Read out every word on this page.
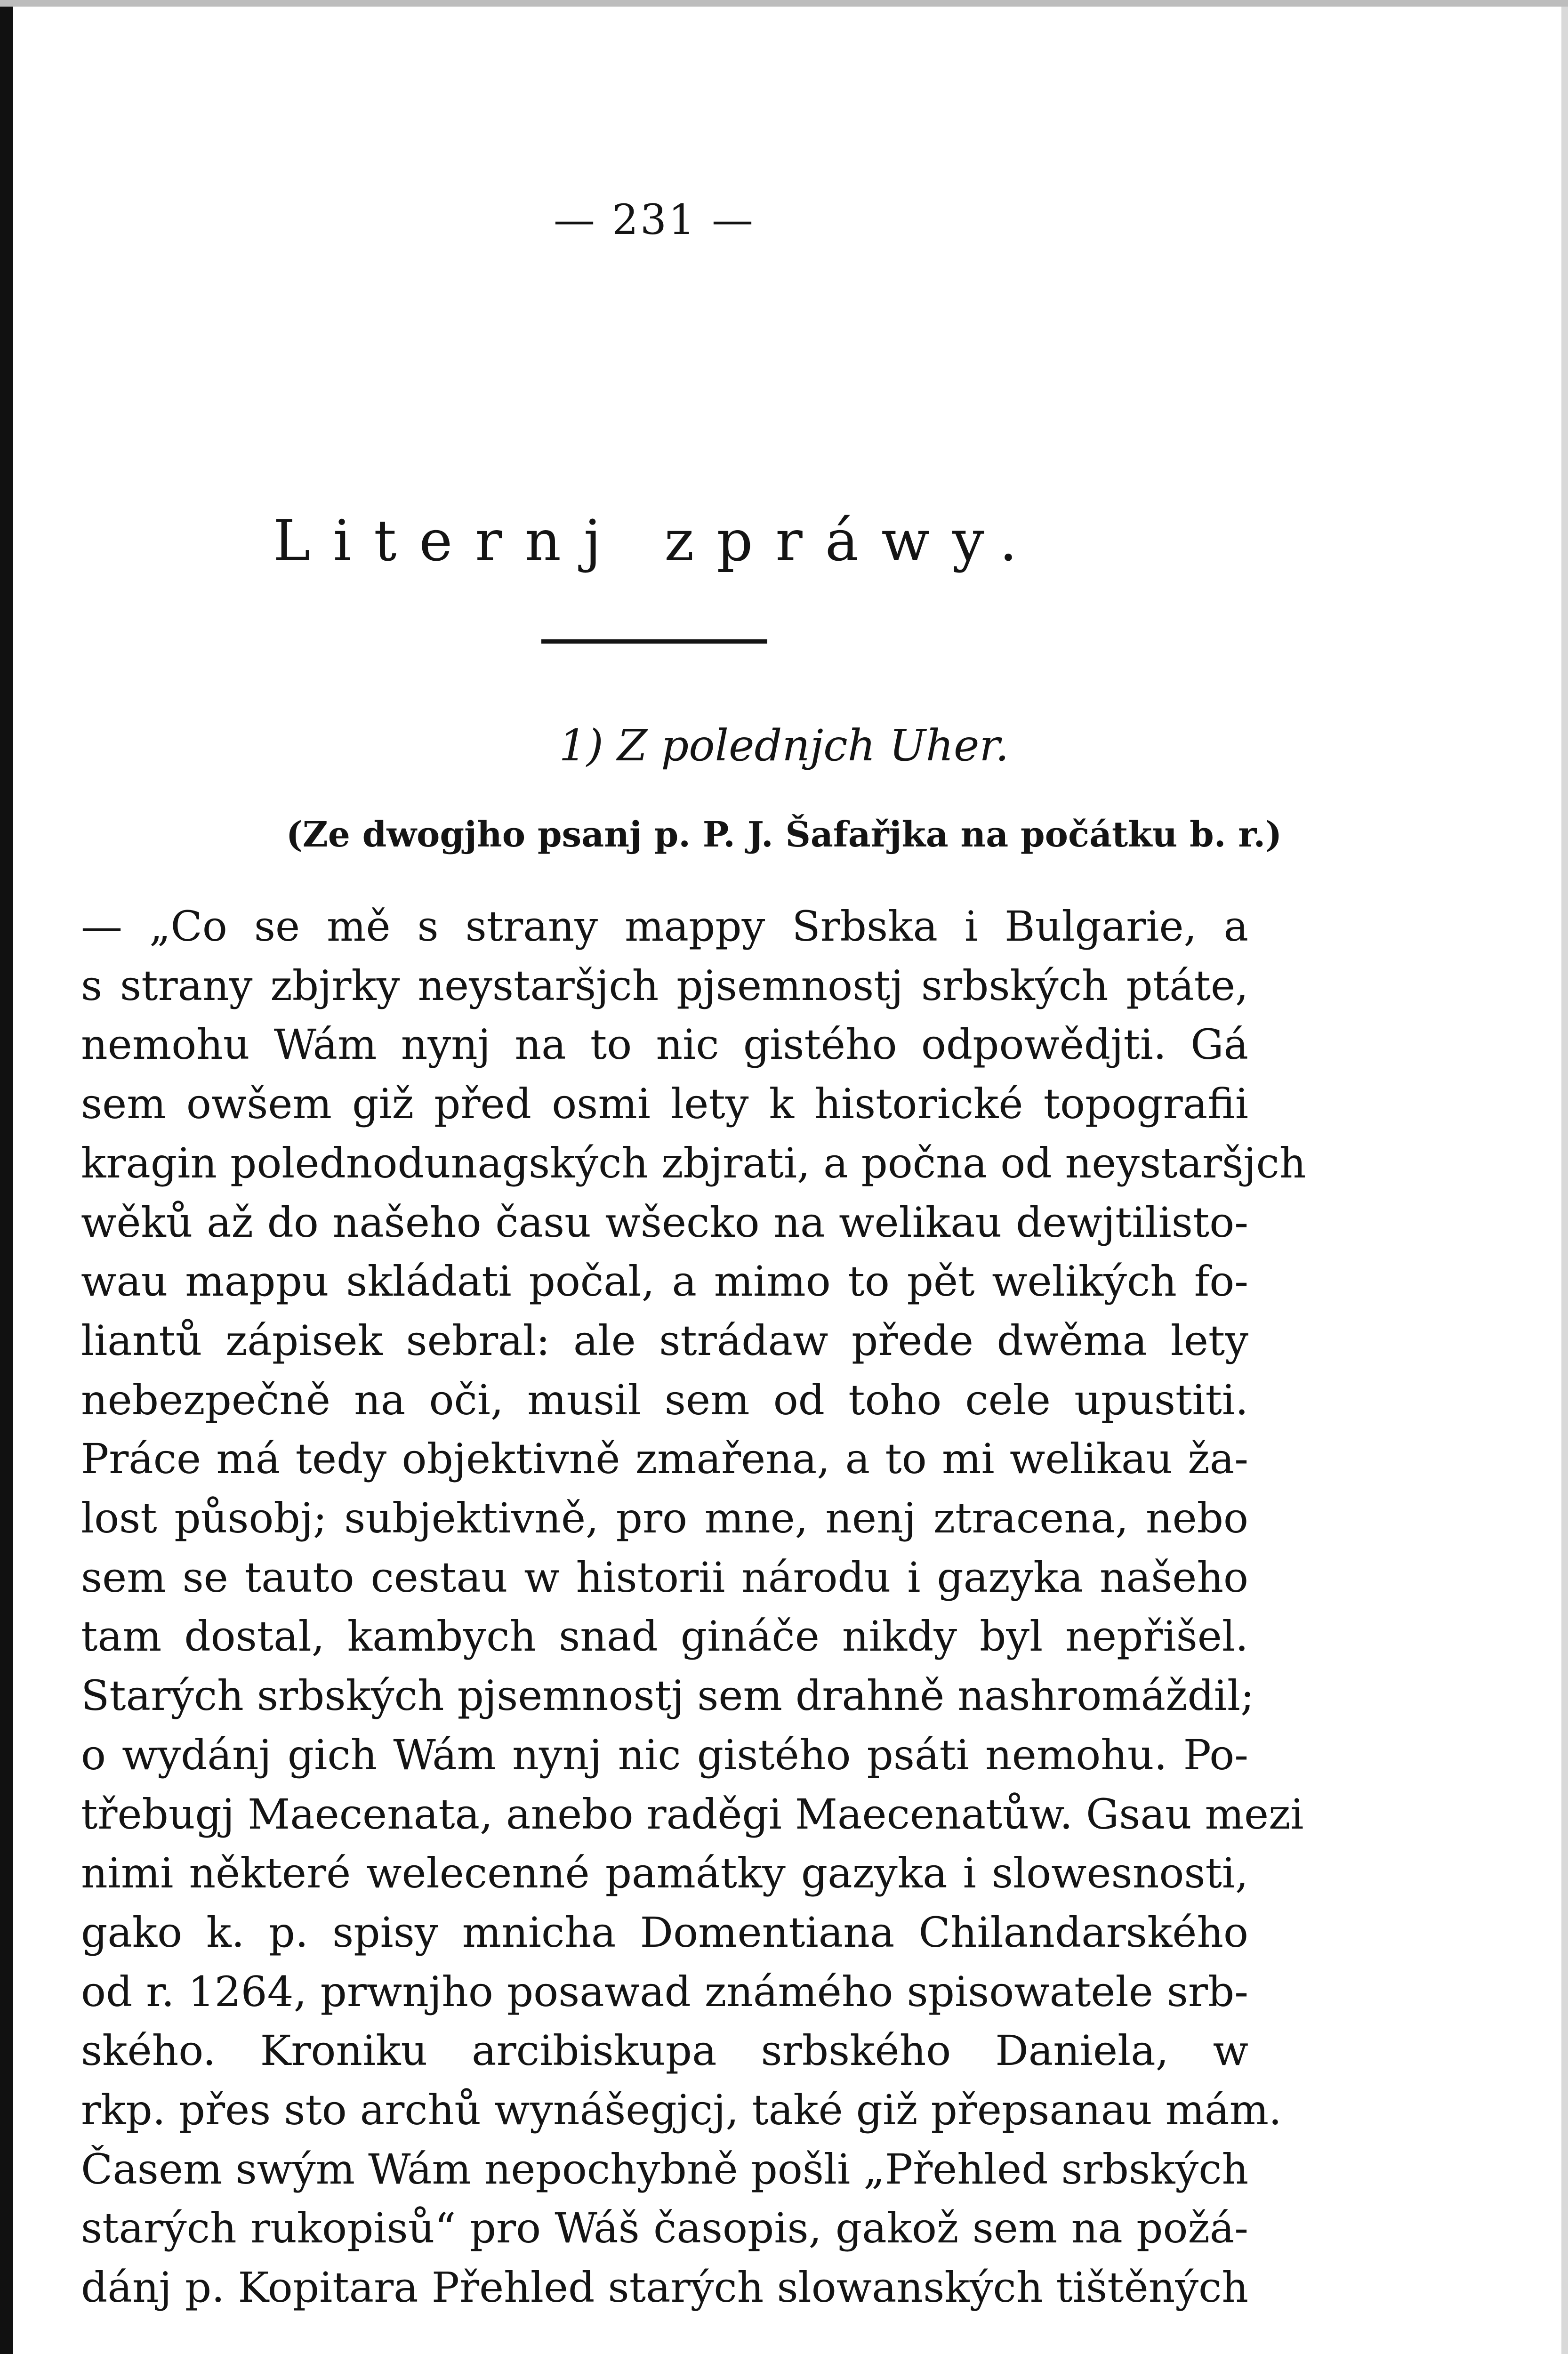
— 231 —
Liternj zpráwy.
1) Z polednjch Uher.
(Ze dwogjho psanj p. P. J. Šafařjka na počátku b. r.)
— „Co se mě s strany mappy Srbska i Bulgarie, a
s strany zbjrky neystaršjch pjsemnostj srbských ptáte,
nemohu Wám nynj na to nic gistého odpowědjti. Gá
sem owšem giž před osmi lety k historické topografii
kragin polednodunagských zbjrati, a počna od neystaršjch
wěků až do našeho času wšecko na welikau dewjtilisto-
wau mappu skládati počal, a mimo to pět welikých fo-
liantů zápisek sebral: ale strádaw přede dwěma lety
nebezpečně na oči, musil sem od toho cele upustiti.
Práce má tedy objektivně zmařena, a to mi welikau ža-
lost působj; subjektivně, pro mne, nenj ztracena, nebo
sem se tauto cestau w historii národu i gazyka našeho
tam dostal, kambych snad gináče nikdy byl nepřišel.
Starých srbských pjsemnostj sem drahně nashromáždil;
o wydánj gich Wám nynj nic gistého psáti nemohu. Po-
třebugj Maecenata, anebo raděgi Maecenatůw. Gsau mezi
nimi některé welecenné památky gazyka i slowesnosti,
gako k. p. spisy mnicha Domentiana Chilandarského
od r. 1264, prwnjho posawad známého spisowatele srb-
ského. Kroniku arcibiskupa srbského Daniela, w
rkp. přes sto archů wynášegjcj, také giž přepsanau mám.
Časem swým Wám nepochybně pošli „Přehled srbských
starých rukopisů“ pro Wáš časopis, gakož sem na požá-
dánj p. Kopitara Přehled starých slowanských tištěných
